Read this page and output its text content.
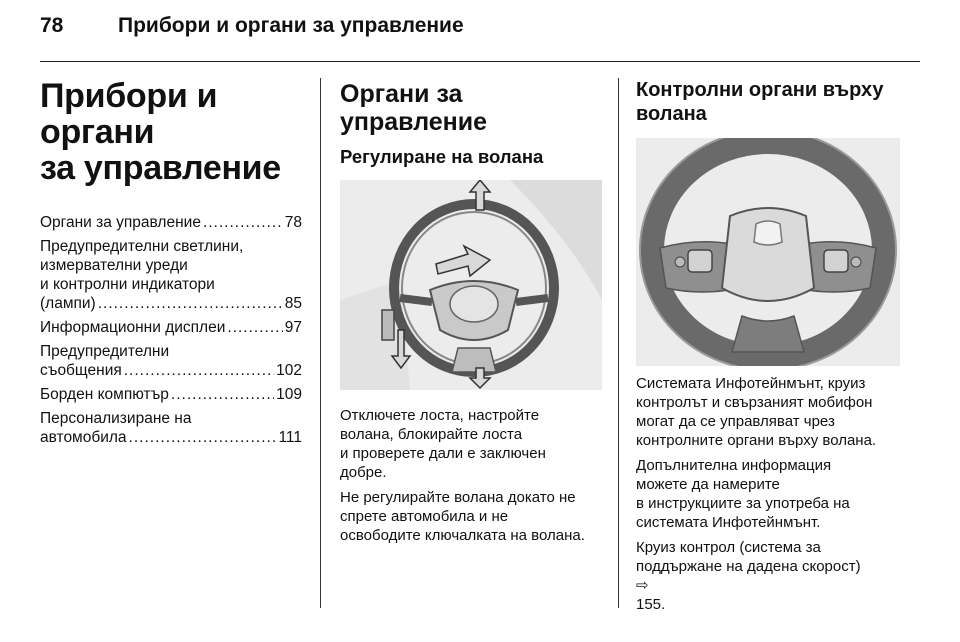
78	Прибори и органи за управление
Прибори и органи
за управление
Органи за управление .....	78
Предупредителни светлини,
измервателни уреди
и контролни индикатори
(лампи) .....	85
Информационни дисплеи .....	97
Предупредителни
съобщения .....	102
Борден компютър .....	109
Персонализиране на
автомобила .....	111
Органи за управление
Регулиране на волана
Отключете лоста, настройте
волана, блокирайте лоста
и проверете дали е заключен
добре.
Не регулирайте волана докато не
спрете автомобила и не
освободите ключалката на волана.
Контролни органи върху
волана
Системата Инфотейнмънт, круиз
контролът и свързаният мобифон
могат да се управляват чрез
контролните органи върху волана.
Допълнителна информация
можете да намерите
в инструкциите за употреба на
системата Инфотейнмънт.
Круиз контрол (система за
поддържане на дадена скорост)
⇨
155.
